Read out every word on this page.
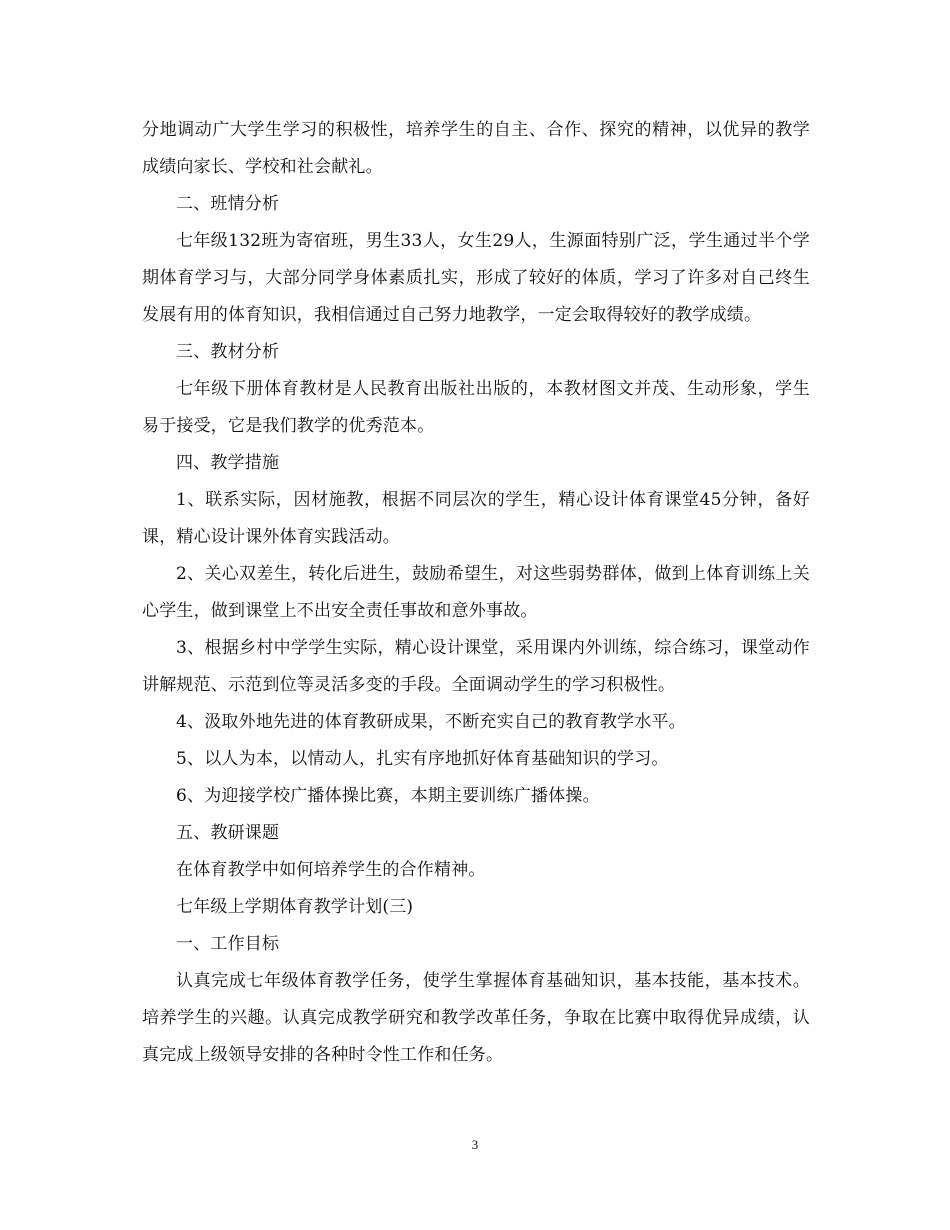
分地调动广大学生学习的积极性，培养学生的自主、合作、探究的精神，以优异的教学成绩向家长、学校和社会献礼。

二、班情分析

七年级132班为寄宿班，男生33人，女生29人，生源面特别广泛，学生通过半个学期体育学习与，大部分同学身体素质扎实，形成了较好的体质，学习了许多对自己终生发展有用的体育知识，我相信通过自己努力地教学，一定会取得较好的教学成绩。

三、教材分析

七年级下册体育教材是人民教育出版社出版的，本教材图文并茂、生动形象，学生易于接受，它是我们教学的优秀范本。

四、教学措施

1、联系实际，因材施教，根据不同层次的学生，精心设计体育课堂45分钟，备好课，精心设计课外体育实践活动。

2、关心双差生，转化后进生，鼓励希望生，对这些弱势群体，做到上体育训练上关心学生，做到课堂上不出安全责任事故和意外事故。

3、根据乡村中学学生实际，精心设计课堂，采用课内外训练，综合练习，课堂动作讲解规范、示范到位等灵活多变的手段。全面调动学生的学习积极性。

4、汲取外地先进的体育教研成果，不断充实自己的教育教学水平。

5、以人为本，以情动人，扎实有序地抓好体育基础知识的学习。

6、为迎接学校广播体操比赛，本期主要训练广播体操。

五、教研课题

在体育教学中如何培养学生的合作精神。

七年级上学期体育教学计划(三)

一、工作目标

认真完成七年级体育教学任务，使学生掌握体育基础知识，基本技能，基本技术。培养学生的兴趣。认真完成教学研究和教学改革任务，争取在比赛中取得优异成绩，认真完成上级领导安排的各种时令性工作和任务。

3
